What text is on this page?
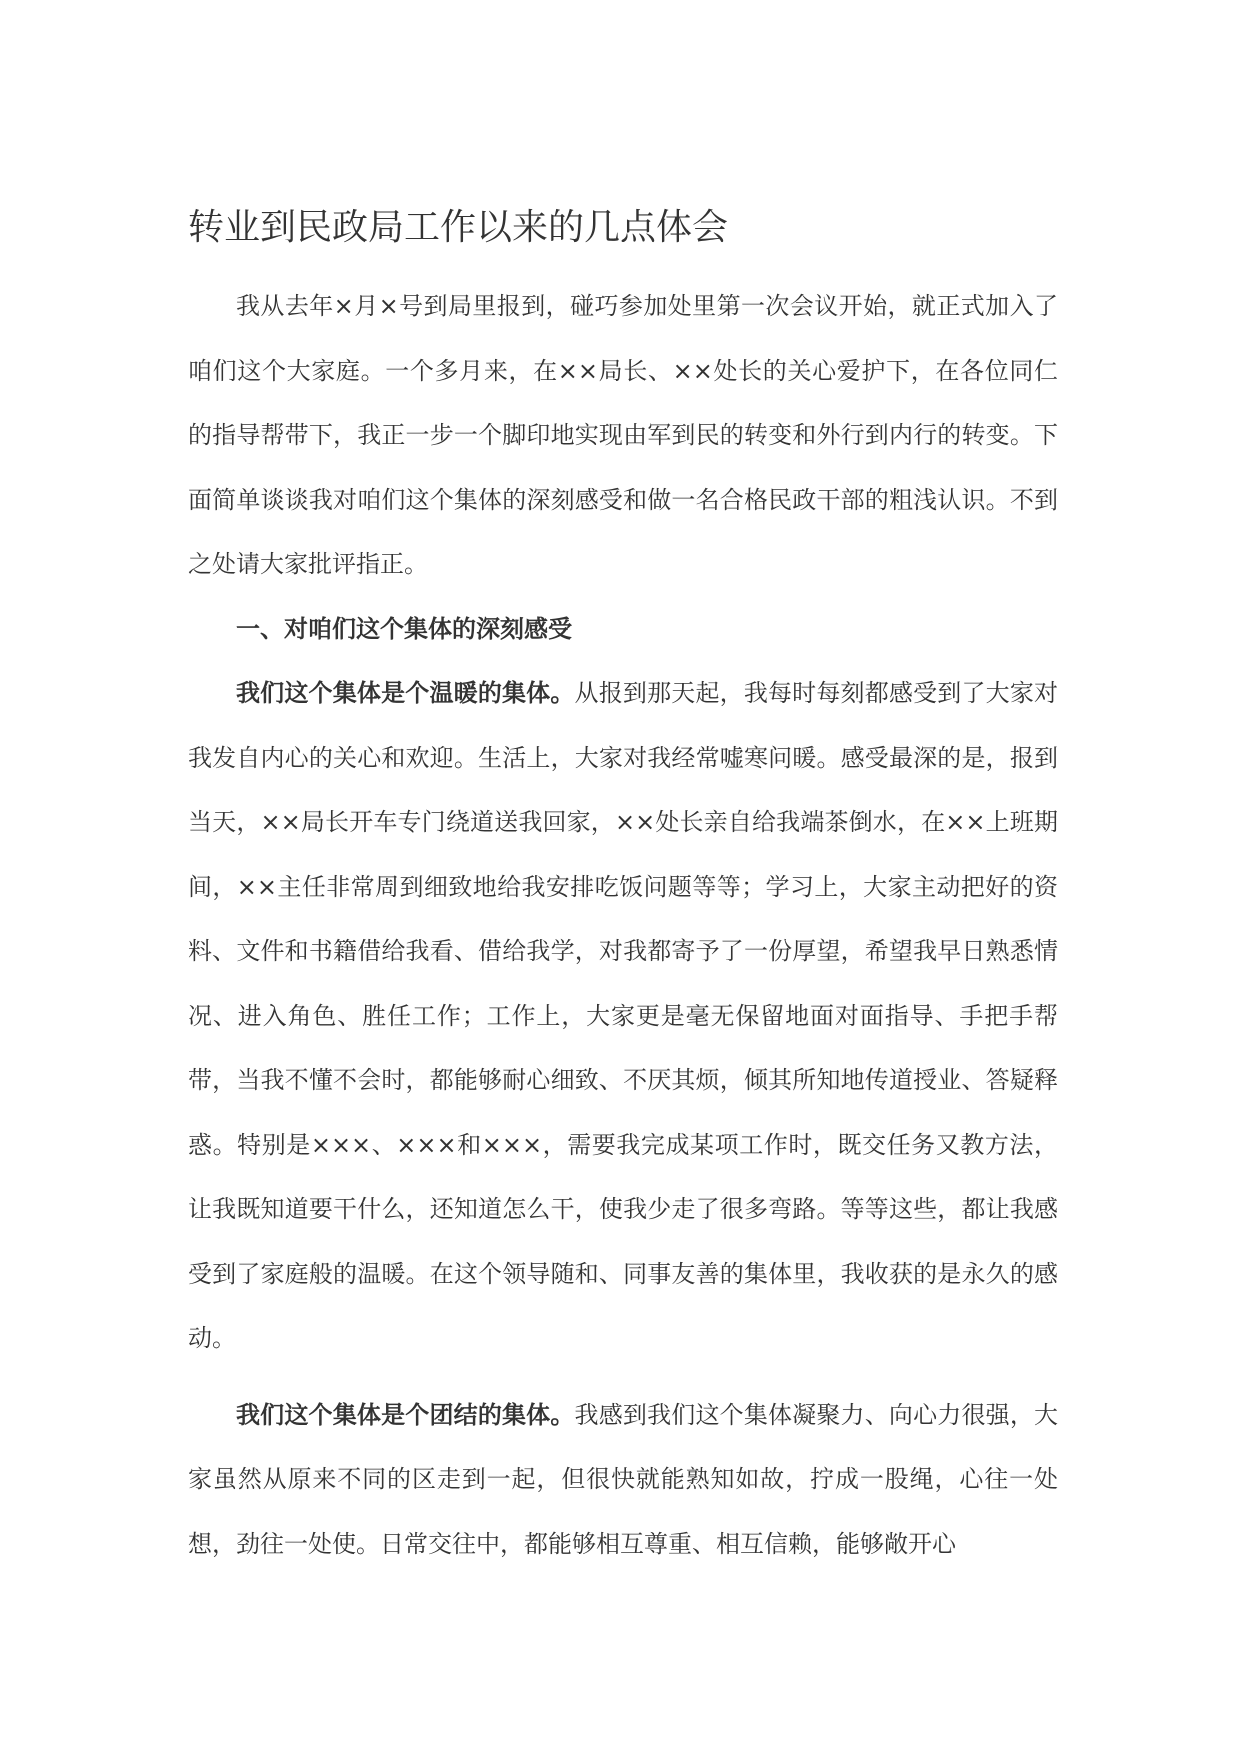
转业到民政局工作以来的几点体会

我从去年×月×号到局里报到，碰巧参加处里第一次会议开始，就正式加入了咱们这个大家庭。一个多月来，在××局长、××处长的关心爱护下，在各位同仁的指导帮带下，我正一步一个脚印地实现由军到民的转变和外行到内行的转变。下面简单谈谈我对咱们这个集体的深刻感受和做一名合格民政干部的粗浅认识。不到之处请大家批评指正。

一、对咱们这个集体的深刻感受

我们这个集体是个温暖的集体。从报到那天起，我每时每刻都感受到了大家对我发自内心的关心和欢迎。生活上，大家对我经常嘘寒问暖。感受最深的是，报到当天，××局长开车专门绕道送我回家，××处长亲自给我端茶倒水，在××上班期间，××主任非常周到细致地给我安排吃饭问题等等；学习上，大家主动把好的资料、文件和书籍借给我看、借给我学，对我都寄予了一份厚望，希望我早日熟悉情况、进入角色、胜任工作；工作上，大家更是毫无保留地面对面指导、手把手帮带，当我不懂不会时，都能够耐心细致、不厌其烦，倾其所知地传道授业、答疑释惑。特别是×××、×××和×××，需要我完成某项工作时，既交任务又教方法，让我既知道要干什么，还知道怎么干，使我少走了很多弯路。等等这些，都让我感受到了家庭般的温暖。在这个领导随和、同事友善的集体里，我收获的是永久的感动。

我们这个集体是个团结的集体。我感到我们这个集体凝聚力、向心力很强，大家虽然从原来不同的区走到一起，但很快就能熟知如故，拧成一股绳，心往一处想，劲往一处使。日常交往中，都能够相互尊重、相互信赖，能够敞开心
